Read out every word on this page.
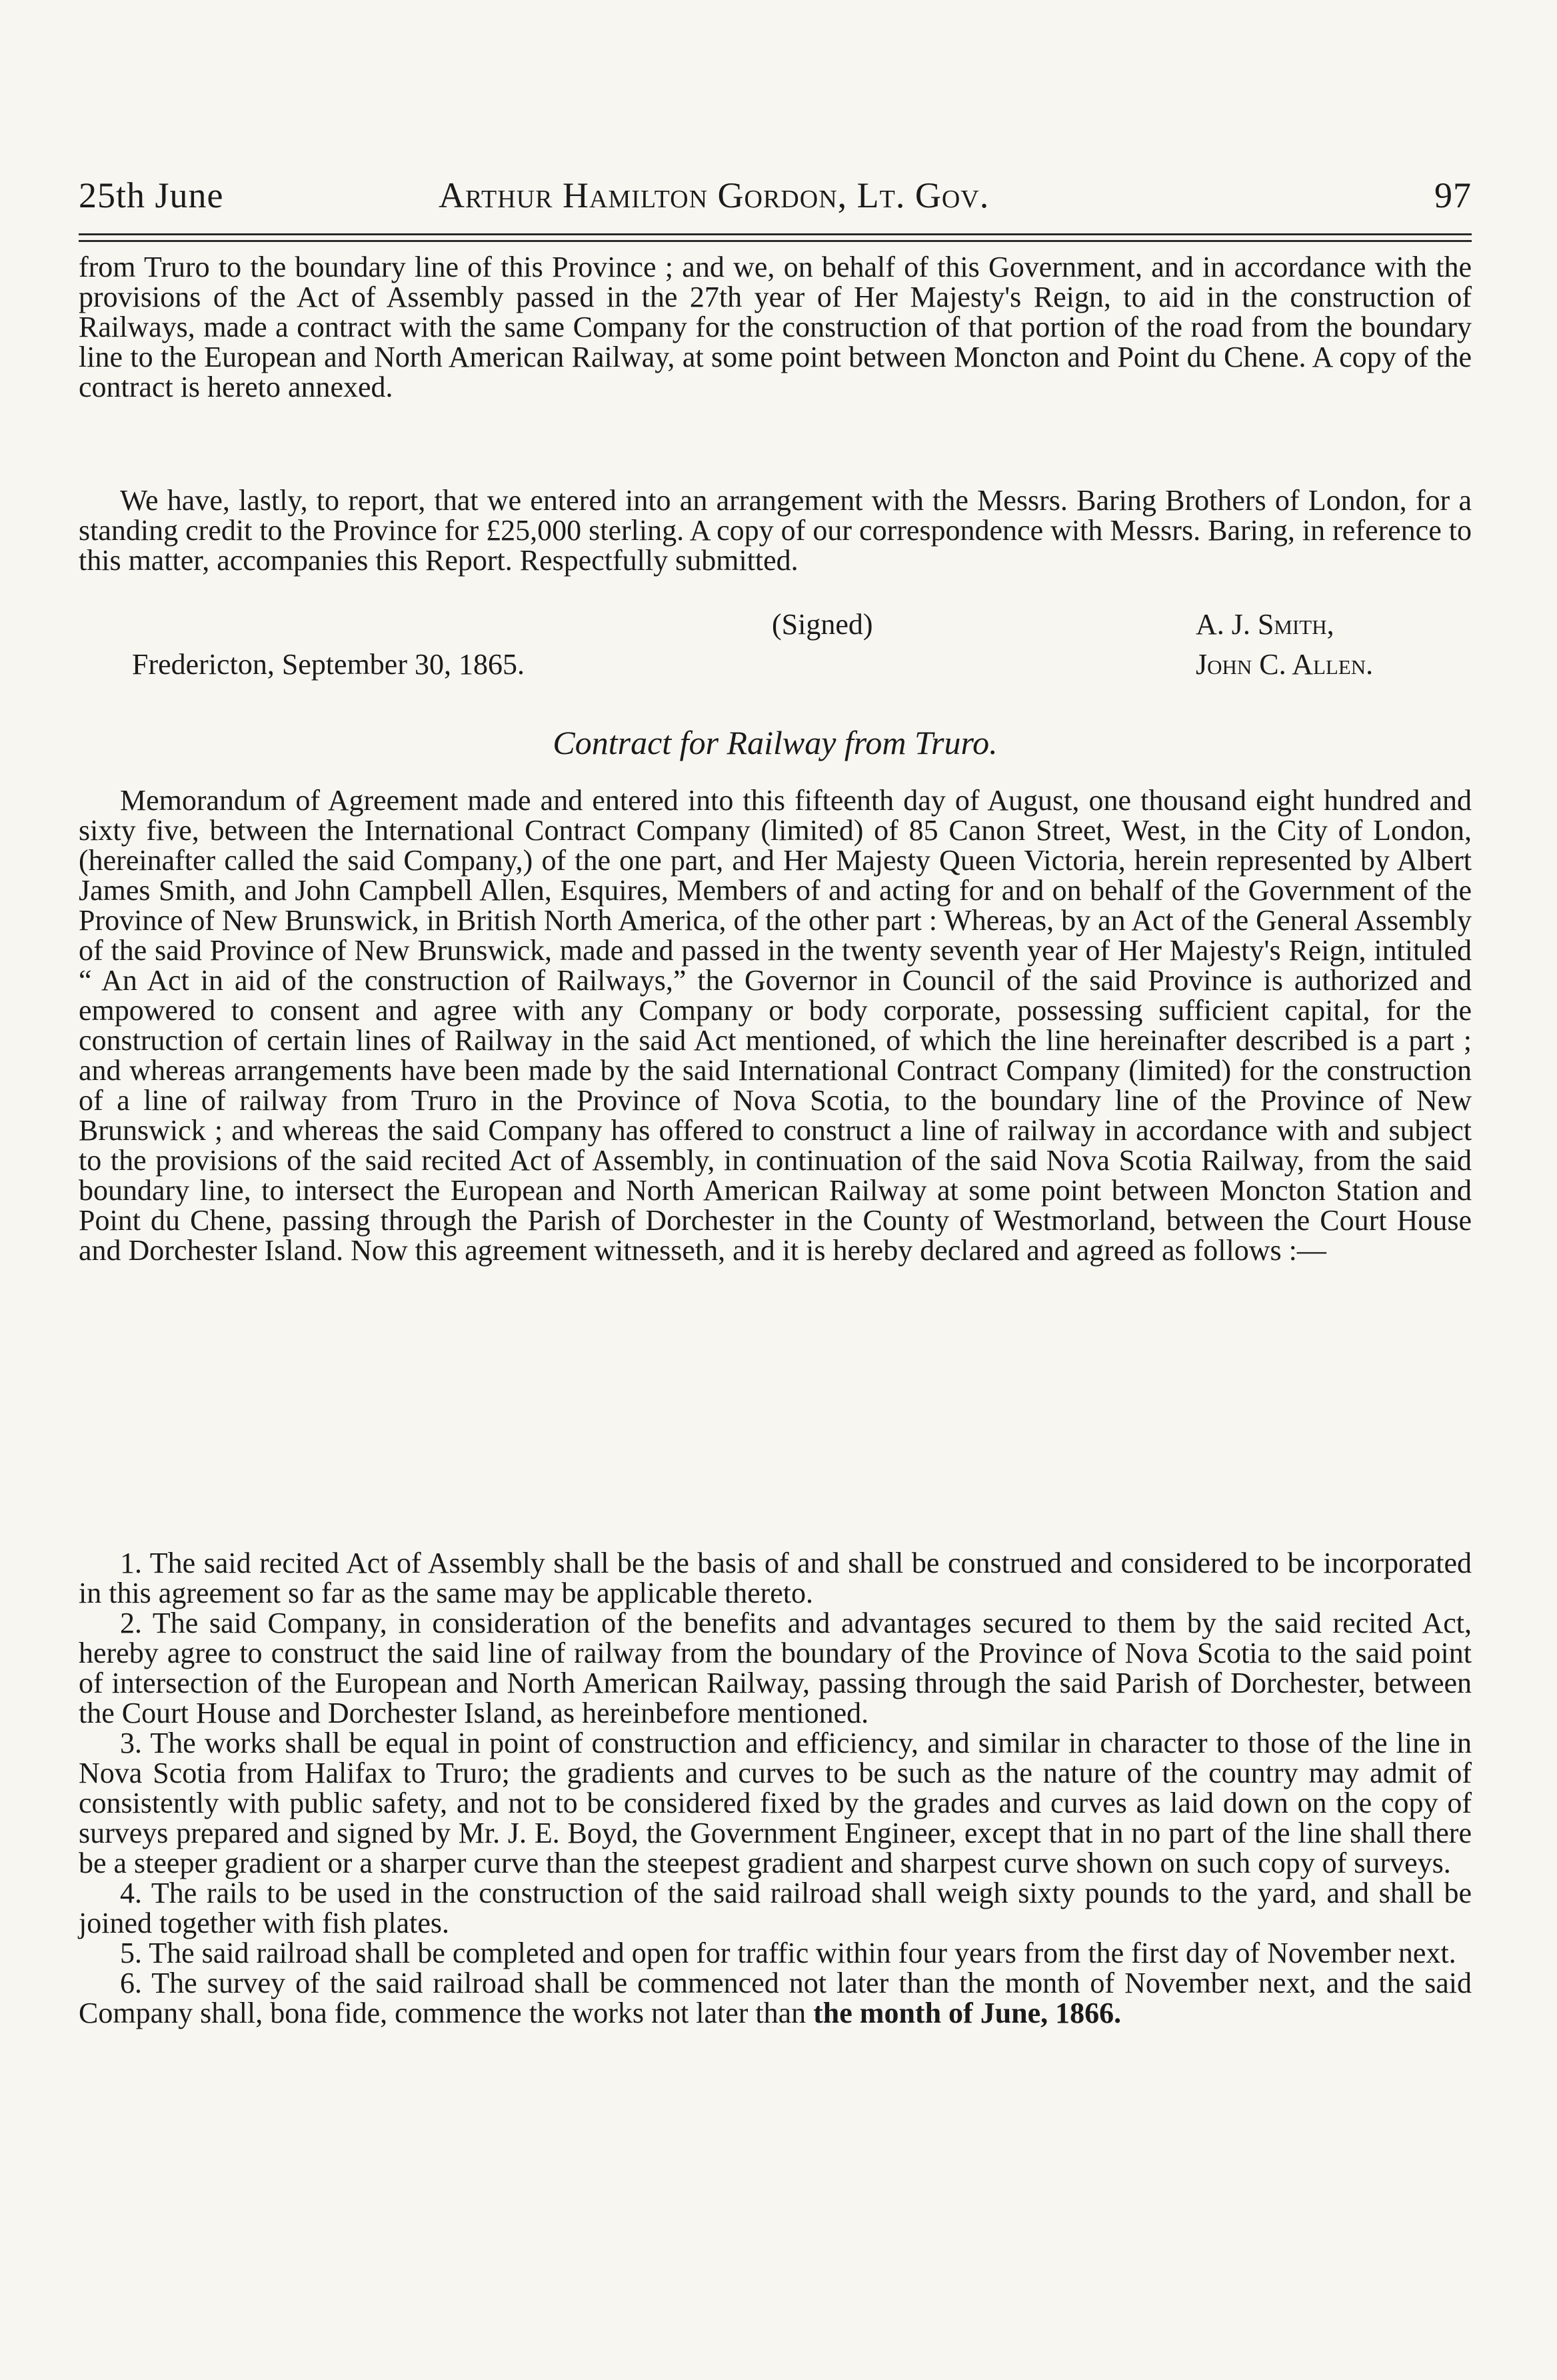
25th June	Arthur Hamilton Gordon, Lt. Gov.	97

from Truro to the boundary line of this Province ; and we, on behalf of this Government, and in accordance with the provisions of the Act of Assembly passed in the 27th year of Her Majesty's Reign, to aid in the construction of Railways, made a contract with the same Company for the construction of that portion of the road from the boundary line to the European and North American Railway, at some point between Moncton and Point du Chene. A copy of the contract is hereto annexed.

We have, lastly, to report, that we entered into an arrangement with the Messrs. Baring Brothers of London, for a standing credit to the Province for £25,000 sterling. A copy of our correspondence with Messrs. Baring, in reference to this matter, accompanies this Report. Respectfully submitted.

(Signed)	A. J. Smith,
Fredericton, September 30, 1865.	John C. Allen.
Contract for Railway from Truro.

Memorandum of Agreement made and entered into this fifteenth day of August, one thousand eight hundred and sixty five, between the International Contract Company (limited) of 85 Canon Street, West, in the City of London, (hereinafter called the said Company,) of the one part, and Her Majesty Queen Victoria, herein represented by Albert James Smith, and John Campbell Allen, Esquires, Members of and acting for and on behalf of the Government of the Province of New Brunswick, in British North America, of the other part : Whereas, by an Act of the General Assembly of the said Province of New Brunswick, made and passed in the twenty seventh year of Her Majesty's Reign, intituled “ An Act in aid of the construction of Railways,” the Governor in Council of the said Province is authorized and empowered to consent and agree with any Company or body corporate, possessing sufficient capital, for the construction of certain lines of Railway in the said Act mentioned, of which the line hereinafter described is a part ; and whereas arrangements have been made by the said International Contract Company (limited) for the construction of a line of railway from Truro in the Province of Nova Scotia, to the boundary line of the Province of New Brunswick ; and whereas the said Company has offered to construct a line of railway in accordance with and subject to the provisions of the said recited Act of Assembly, in continuation of the said Nova Scotia Railway, from the said boundary line, to intersect the European and North American Railway at some point between Moncton Station and Point du Chene, passing through the Parish of Dorchester in the County of Westmorland, between the Court House and Dorchester Island. Now this agreement witnesseth, and it is hereby declared and agreed as follows :—

1. The said recited Act of Assembly shall be the basis of and shall be construed and considered to be incorporated in this agreement so far as the same may be applicable thereto.

2. The said Company, in consideration of the benefits and advantages secured to them by the said recited Act, hereby agree to construct the said line of railway from the boundary of the Province of Nova Scotia to the said point of intersection of the European and North American Railway, passing through the said Parish of Dorchester, between the Court House and Dorchester Island, as hereinbefore mentioned.

3. The works shall be equal in point of construction and efficiency, and similar in character to those of the line in Nova Scotia from Halifax to Truro; the gradients and curves to be such as the nature of the country may admit of consistently with public safety, and not to be considered fixed by the grades and curves as laid down on the copy of surveys prepared and signed by Mr. J. E. Boyd, the Government Engineer, except that in no part of the line shall there be a steeper gradient or a sharper curve than the steepest gradient and sharpest curve shown on such copy of surveys.

4. The rails to be used in the construction of the said railroad shall weigh sixty pounds to the yard, and shall be joined together with fish plates.

5. The said railroad shall be completed and open for traffic within four years from the first day of November next.

6. The survey of the said railroad shall be commenced not later than the month of November next, and the said Company shall, bona fide, commence the works not later than the month of June, 1866.
